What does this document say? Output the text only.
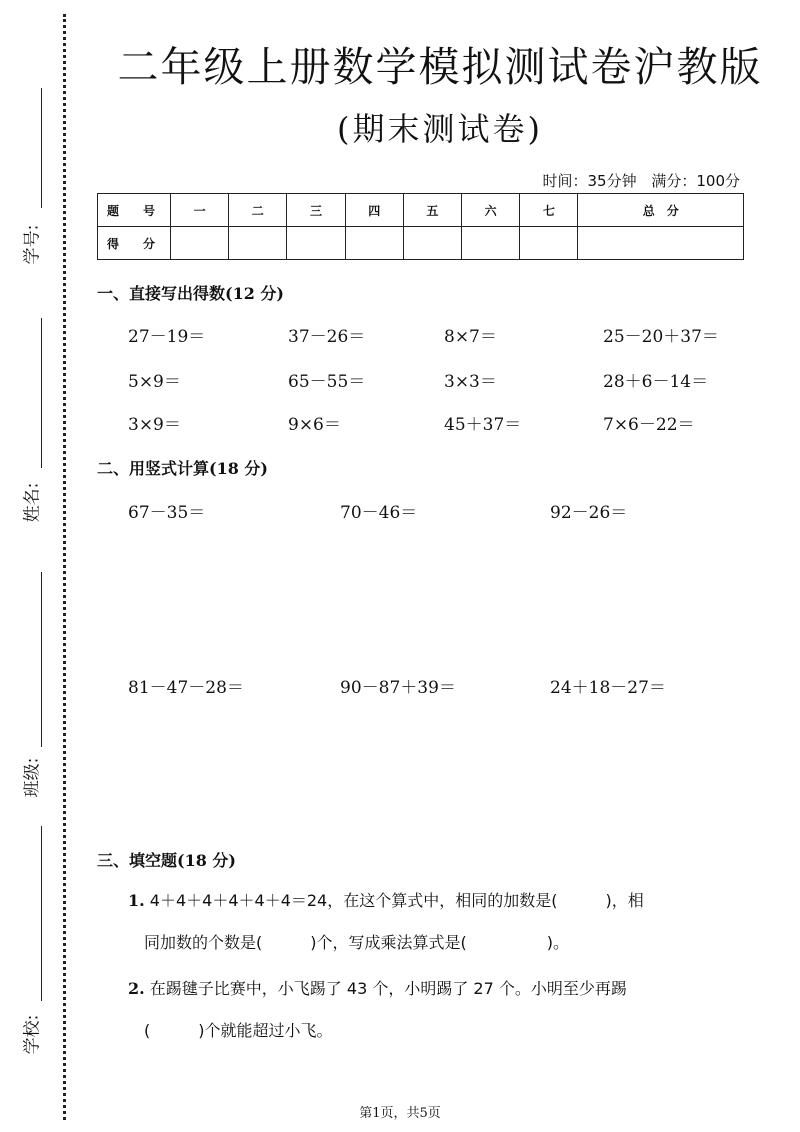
学号:
姓名:
班级:
学校:
二年级上册数学模拟测试卷沪教版
(期末测试卷)
时间：35分钟 满分：100分
题　号	一	二	三	四	五	六	七	总　分
得　分								
一、直接写出得数(12 分)
27－19＝	37－26＝	8×7＝	25－20＋37＝
5×9＝	65－55＝	3×3＝	28＋6－14＝
3×9＝	9×6＝	45＋37＝	7×6－22＝
二、用竖式计算(18 分)
67－35＝	70－46＝	92－26＝
81－47－28＝	90－87＋39＝	24＋18－27＝
三、填空题(18 分)
1. 4＋4＋4＋4＋4＋4＝24，在这个算式中，相同的加数是(　　　)，相
同加数的个数是(　　　)个，写成乘法算式是(　　　　　)。
2. 在踢毽子比赛中，小飞踢了 43 个，小明踢了 27 个。小明至少再踢
(　　　)个就能超过小飞。
第1页，共5页
